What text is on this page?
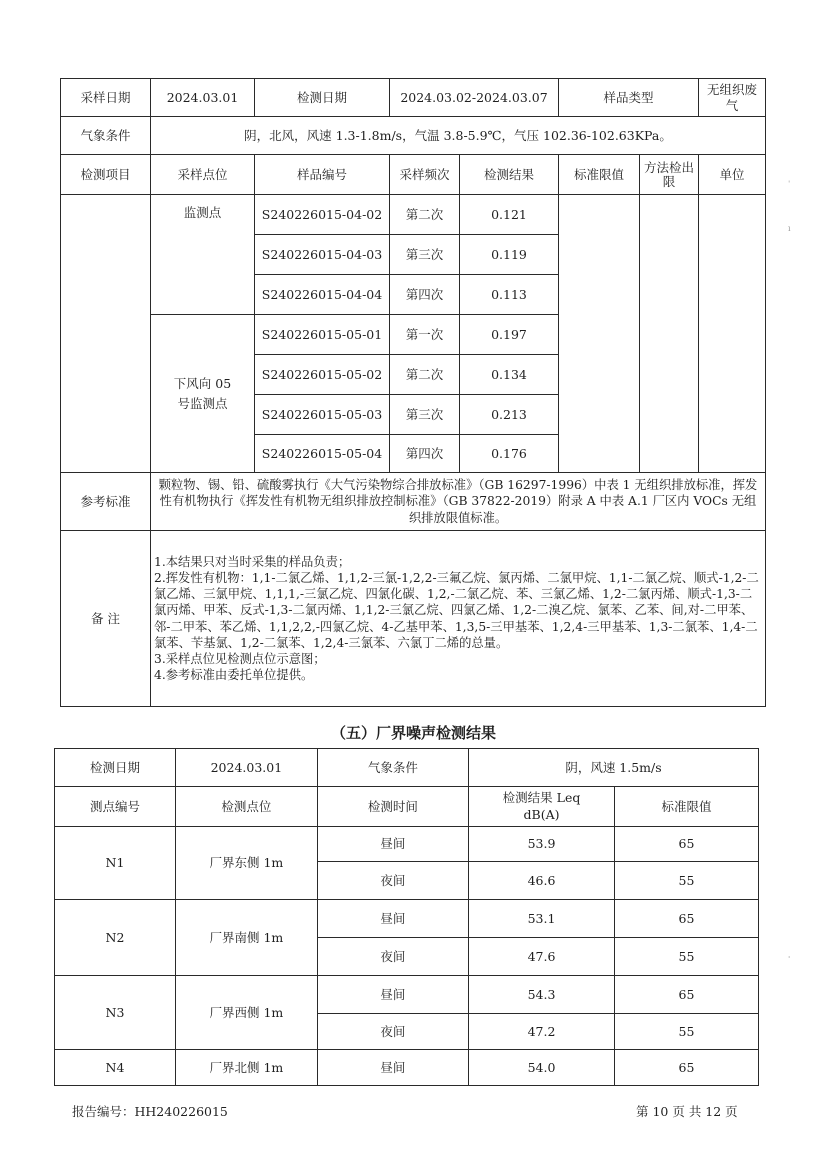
采样日期	2024.03.01	检测日期	2024.03.02-2024.03.07		样品类型		无组织废气
气象条件	阴，北风，风速 1.3-1.8m/s，气温 3.8-5.9℃，气压 102.36-102.63KPa。						
检测项目	采样点位	样品编号	采样频次	检测结果	标准限值	方法检出限	单位
	监测点	S240226015-04-02	第二次	0.121			
		S240226015-04-03	第三次	0.119			
		S240226015-04-04	第四次	0.113			
	下风向 05 号监测点	S240226015-05-01	第一次	0.197			
		S240226015-05-02	第二次	0.134			
		S240226015-05-03	第三次	0.213			
		S240226015-05-04	第四次	0.176			
参考标准	颗粒物、锡、铅、硫酸雾执行《大气污染物综合排放标准》（GB 16297-1996）中表 1 无组织排放标准，挥发性有机物执行《挥发性有机物无组织排放控制标准》（GB 37822-2019）附录 A 中表 A.1 厂区内 VOCs 无组织排放限值标准。						
备 注	1.本结果只对当时采集的样品负责；
2.挥发性有机物：1,1-二氯乙烯、1,1,2-三氯-1,2,2-三氟乙烷、氯丙烯、二氯甲烷、1,1-二氯乙烷、顺式-1,2-二氯乙烯、三氯甲烷、1,1,1,-三氯乙烷、四氯化碳、1,2,-二氯乙烷、苯、三氯乙烯、1,2-二氯丙烯、顺式-1,3-二氯丙烯、甲苯、反式-1,3-二氯丙烯、1,1,2-三氯乙烷、四氯乙烯、1,2-二溴乙烷、氯苯、乙苯、间,对-二甲苯、邻-二甲苯、苯乙烯、1,1,2,2,-四氯乙烷、4-乙基甲苯、1,3,5-三甲基苯、1,2,4-三甲基苯、1,3-二氯苯、1,4-二氯苯、苄基氯、1,2-二氯苯、1,2,4-三氯苯、六氯丁二烯的总量。
3.采样点位见检测点位示意图；
4.参考标准由委托单位提供。						
（五）厂界噪声检测结果
检测日期	2024.03.01	气象条件	阴，风速 1.5m/s	
测点编号	检测点位	检测时间	检测结果 Leq dB(A)	标准限值
N1	厂界东侧 1m	昼间	53.9	65
		夜间	46.6	55
N2	厂界南侧 1m	昼间	53.1	65
		夜间	47.6	55
N3	厂界西侧 1m	昼间	54.3	65
		夜间	47.2	55
N4	厂界北侧 1m	昼间	54.0	65
报告编号：HH240226015	第 10 页 共 12 页
ˈ
ı
ˌ
